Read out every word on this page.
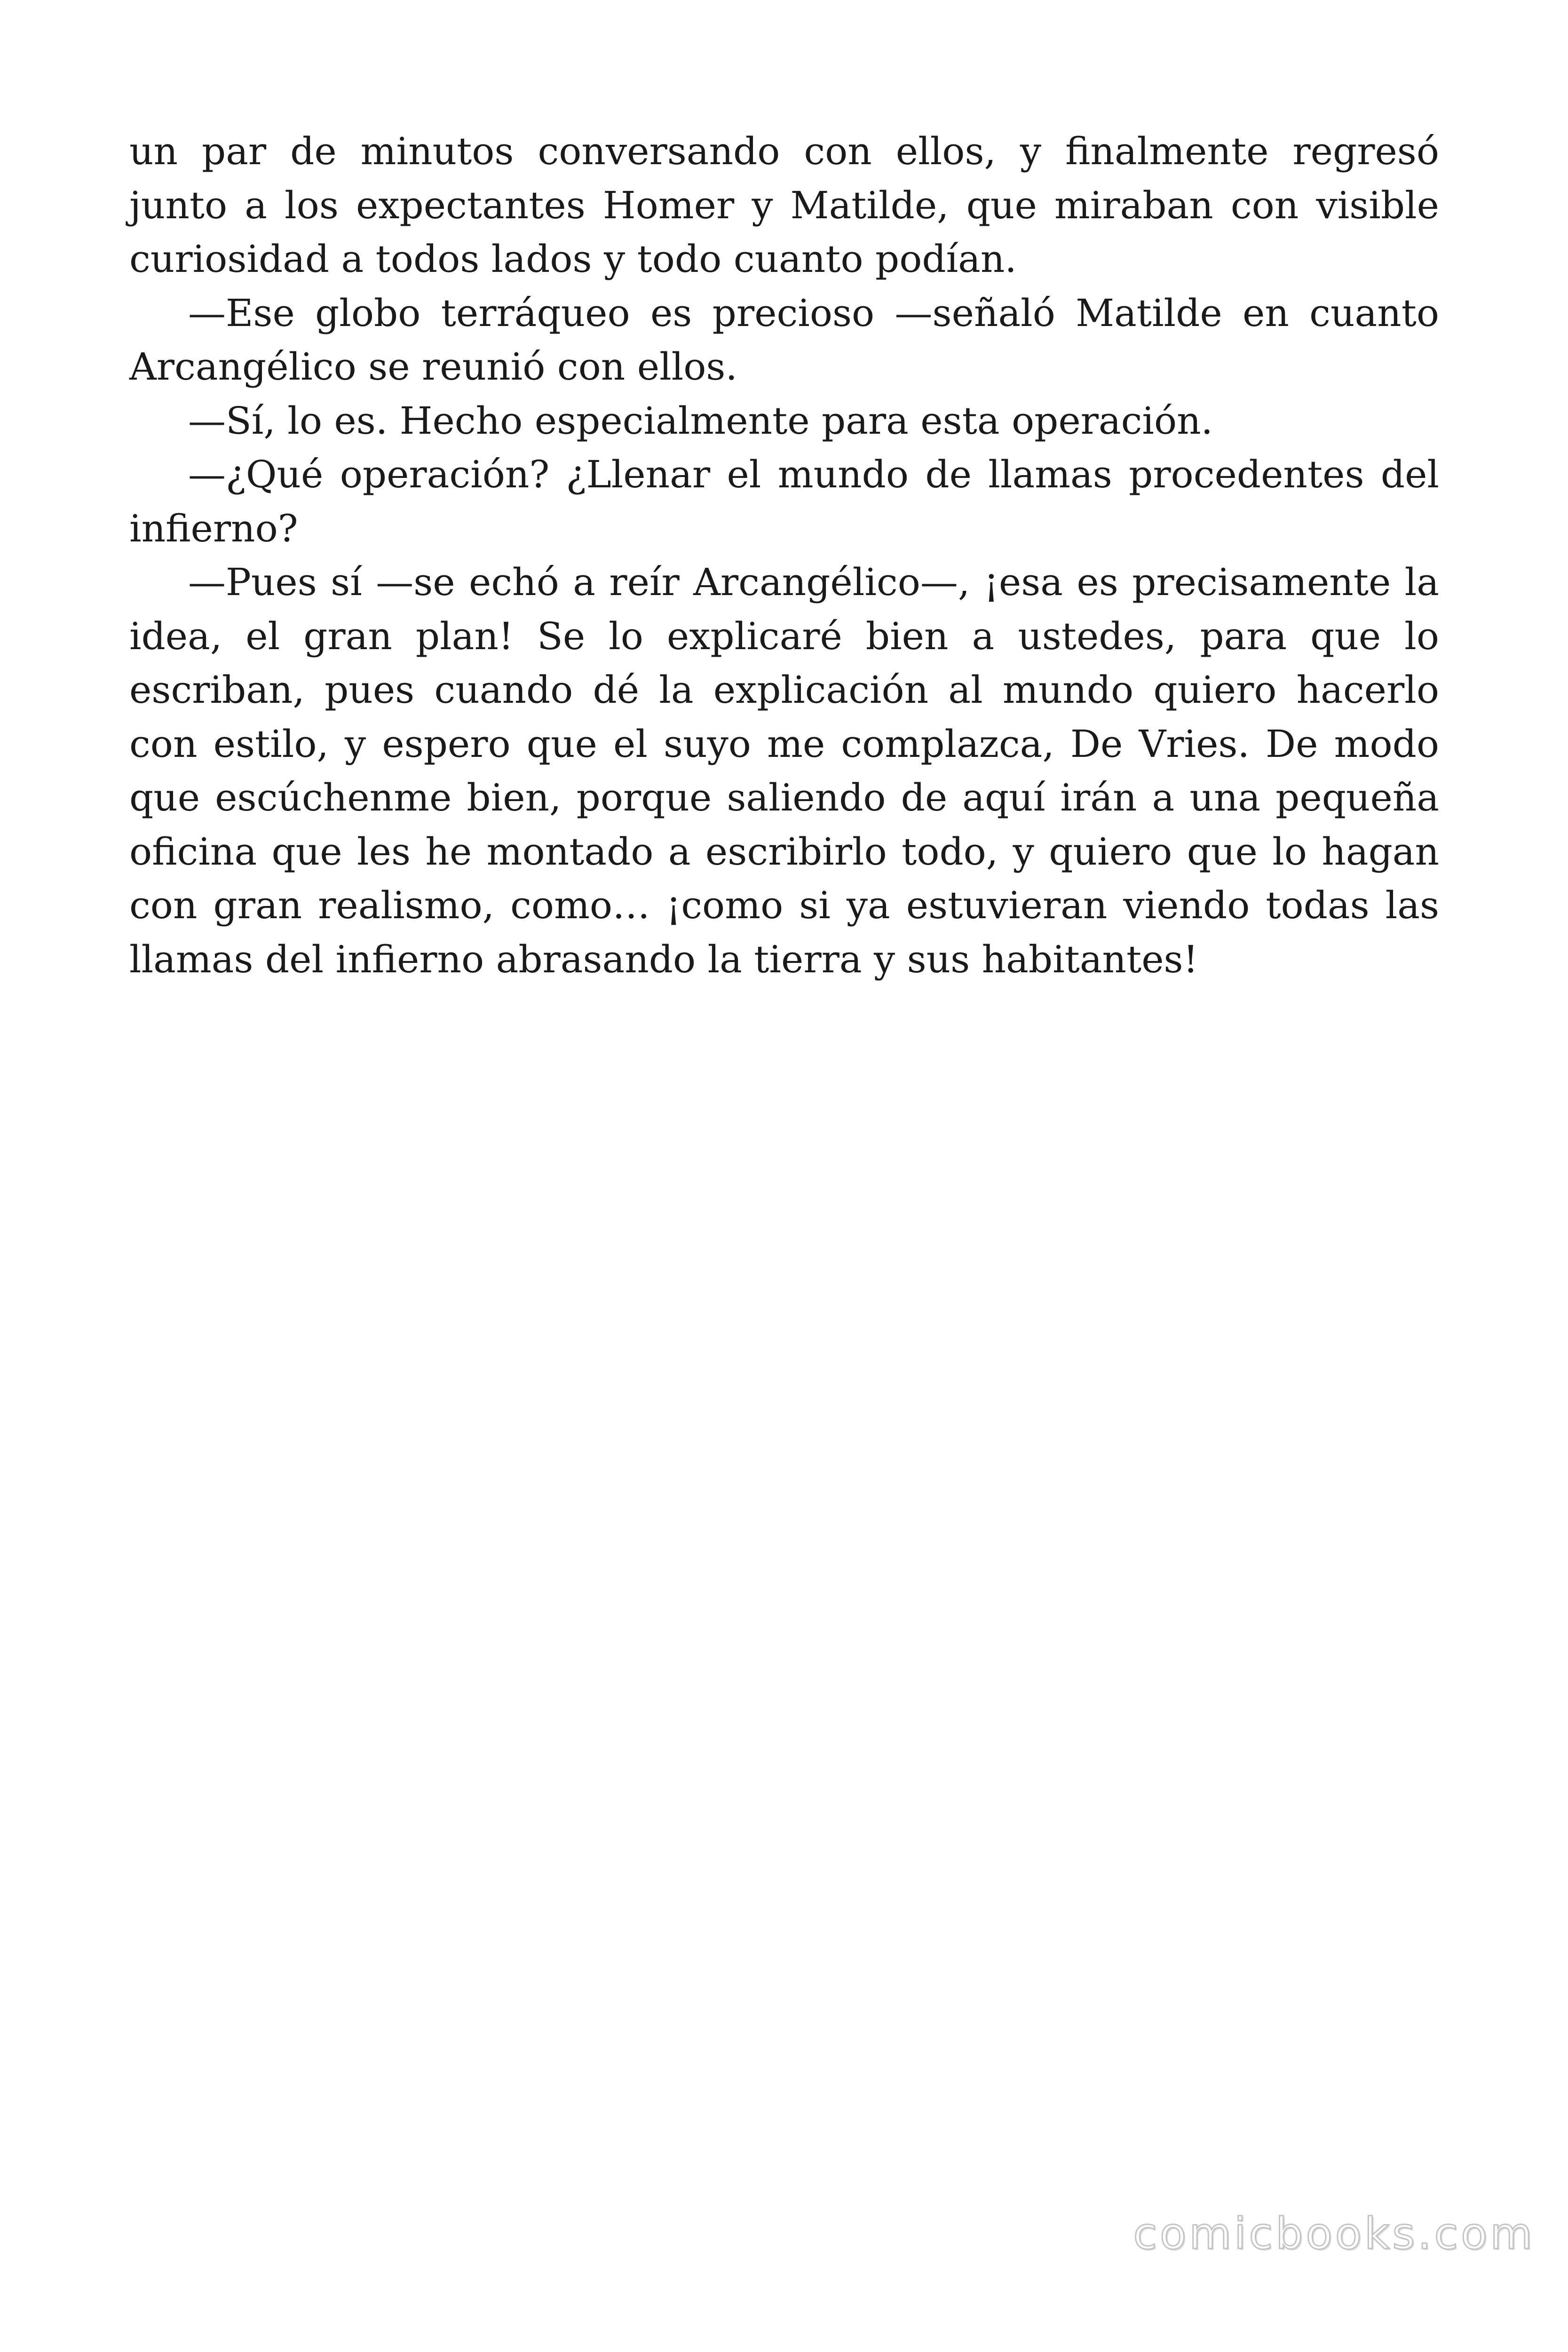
un par de minutos conversando con ellos, y finalmente regresó junto a los expectantes Homer y Matilde, que miraban con visible curiosidad a todos lados y todo cuanto podían.

—Ese globo terráqueo es precioso —señaló Matilde en cuanto Arcangélico se reunió con ellos.

—Sí, lo es. Hecho especialmente para esta operación.

—¿Qué operación? ¿Llenar el mundo de llamas procedentes del infierno?

—Pues sí —se echó a reír Arcangélico—, ¡esa es precisamente la idea, el gran plan! Se lo explicaré bien a ustedes, para que lo escriban, pues cuando dé la explicación al mundo quiero hacerlo con estilo, y espero que el suyo me complazca, De Vries. De modo que escúchenme bien, porque saliendo de aquí irán a una pequeña oficina que les he montado a escribirlo todo, y quiero que lo hagan con gran realismo, como… ¡como si ya estuvieran viendo todas las llamas del infierno abrasando la tierra y sus habitantes!

comicbooks.com
